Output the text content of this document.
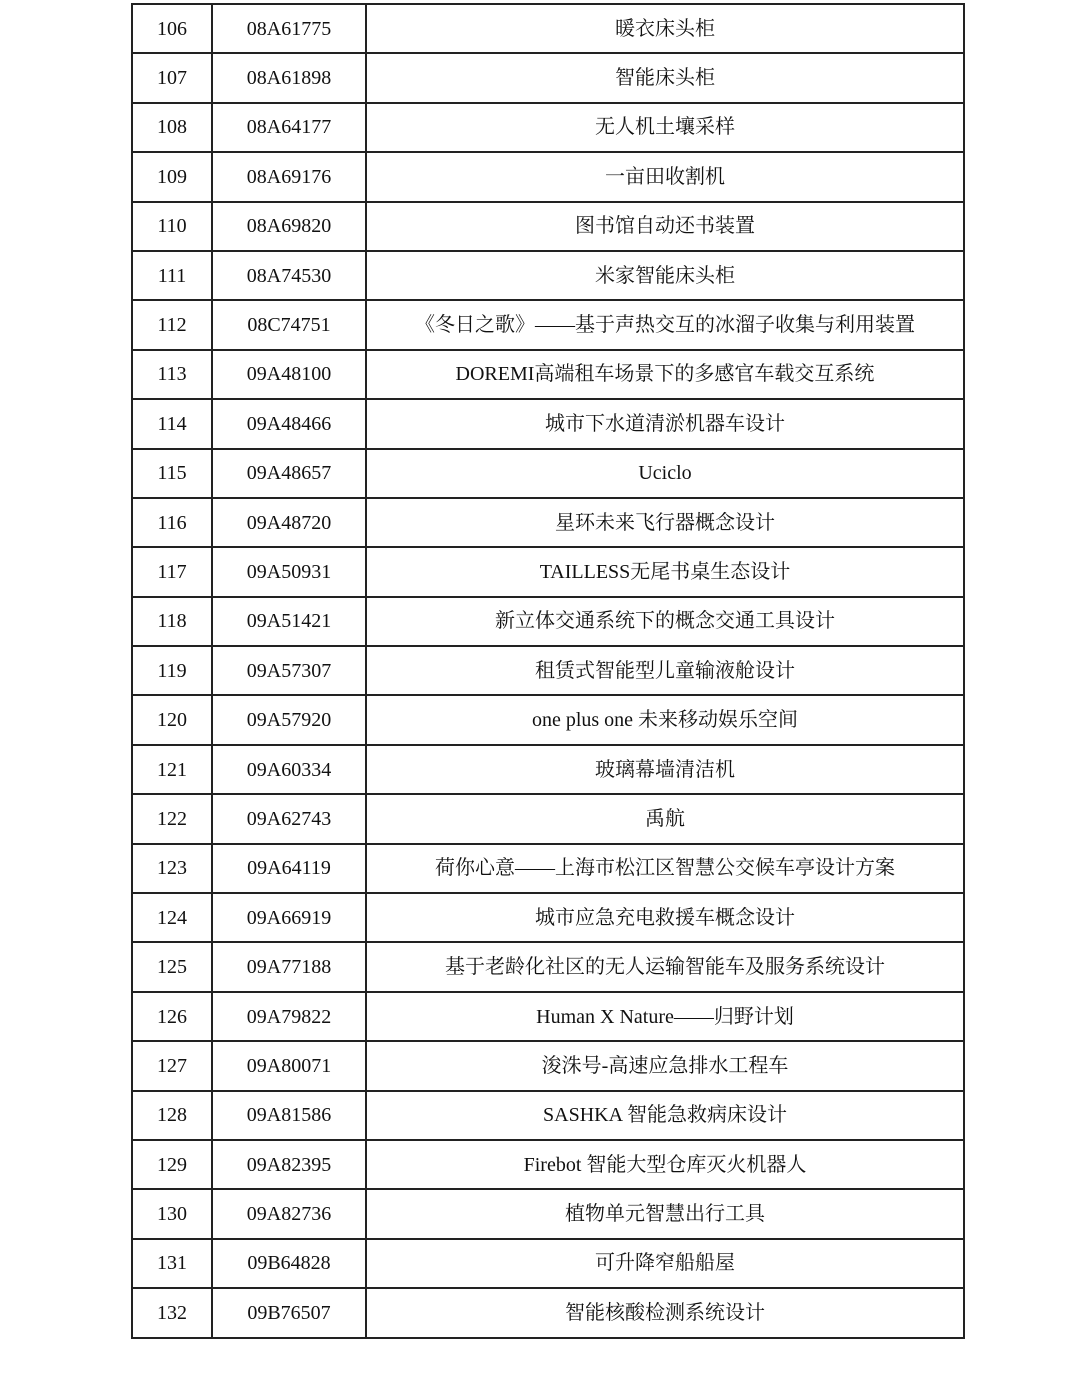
106	08A61775	暖衣床头柜
107	08A61898	智能床头柜
108	08A64177	无人机土壤采样
109	08A69176	一亩田收割机
110	08A69820	图书馆自动还书装置
111	08A74530	米家智能床头柜
112	08C74751	《冬日之歌》——基于声热交互的冰溜子收集与利用装置
113	09A48100	DOREMI高端租车场景下的多感官车载交互系统
114	09A48466	城市下水道清淤机器车设计
115	09A48657	Uciclo
116	09A48720	星环未来飞行器概念设计
117	09A50931	TAILLESS无尾书桌生态设计
118	09A51421	新立体交通系统下的概念交通工具设计
119	09A57307	租赁式智能型儿童输液舱设计
120	09A57920	one plus one 未来移动娱乐空间
121	09A60334	玻璃幕墙清洁机
122	09A62743	禹航
123	09A64119	荷你心意——上海市松江区智慧公交候车亭设计方案
124	09A66919	城市应急充电救援车概念设计
125	09A77188	基于老龄化社区的无人运输智能车及服务系统设计
126	09A79822	Human X Nature——归野计划
127	09A80071	浚洙号-高速应急排水工程车
128	09A81586	SASHKA 智能急救病床设计
129	09A82395	Firebot 智能大型仓库灭火机器人
130	09A82736	植物单元智慧出行工具
131	09B64828	可升降窄船船屋
132	09B76507	智能核酸检测系统设计
